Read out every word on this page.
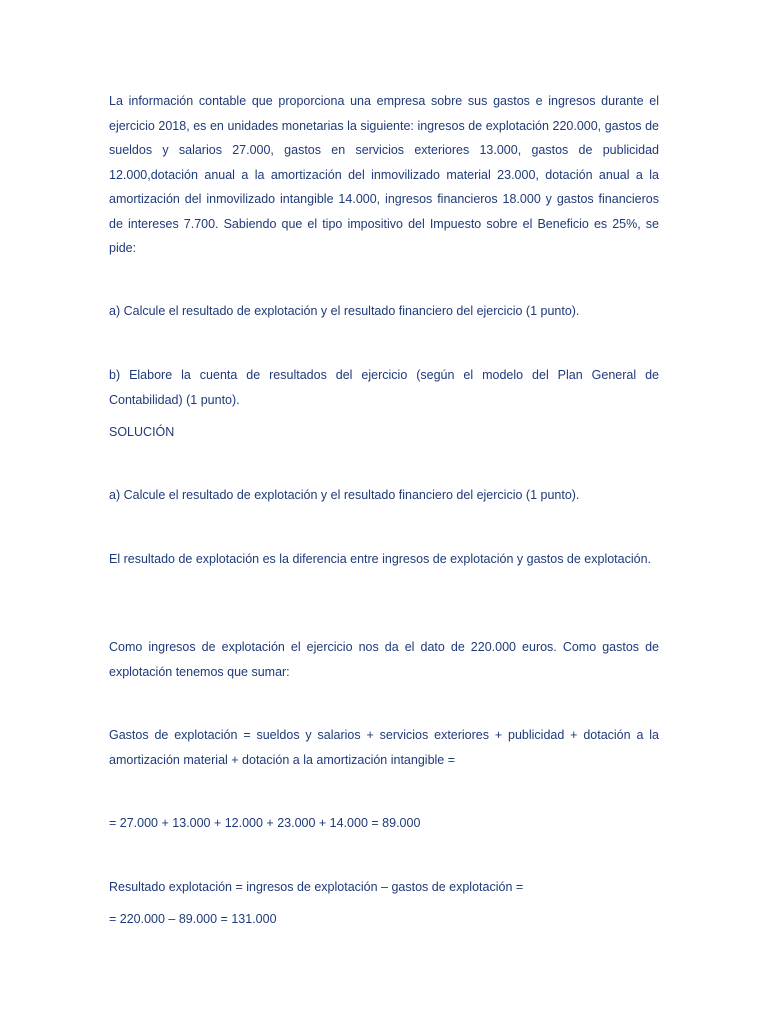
La información contable que proporciona una empresa sobre sus gastos e ingresos durante el ejercicio 2018, es en unidades monetarias la siguiente: ingresos de explotación 220.000, gastos de sueldos y salarios 27.000, gastos en servicios exteriores 13.000, gastos de publicidad 12.000,dotación anual a la amortización del inmovilizado material 23.000, dotación anual a la amortización del inmovilizado intangible 14.000, ingresos financieros 18.000 y gastos financieros de intereses 7.700. Sabiendo que el tipo impositivo del Impuesto sobre el Beneficio es 25%, se pide:

a) Calcule el resultado de explotación y el resultado financiero del ejercicio (1 punto).

b) Elabore la cuenta de resultados del ejercicio (según el modelo del Plan General de Contabilidad) (1 punto).

SOLUCIÓN

a) Calcule el resultado de explotación y el resultado financiero del ejercicio (1 punto).

El resultado de explotación es la diferencia entre ingresos de explotación y gastos de explotación.

Como ingresos de explotación el ejercicio nos da el dato de 220.000 euros. Como gastos de explotación tenemos que sumar:

Gastos de explotación = sueldos y salarios + servicios exteriores + publicidad + dotación a la amortización material + dotación a la amortización intangible =

= 27.000 + 13.000 + 12.000 + 23.000 + 14.000 = 89.000

Resultado explotación = ingresos de explotación – gastos de explotación =

= 220.000 – 89.000 = 131.000
